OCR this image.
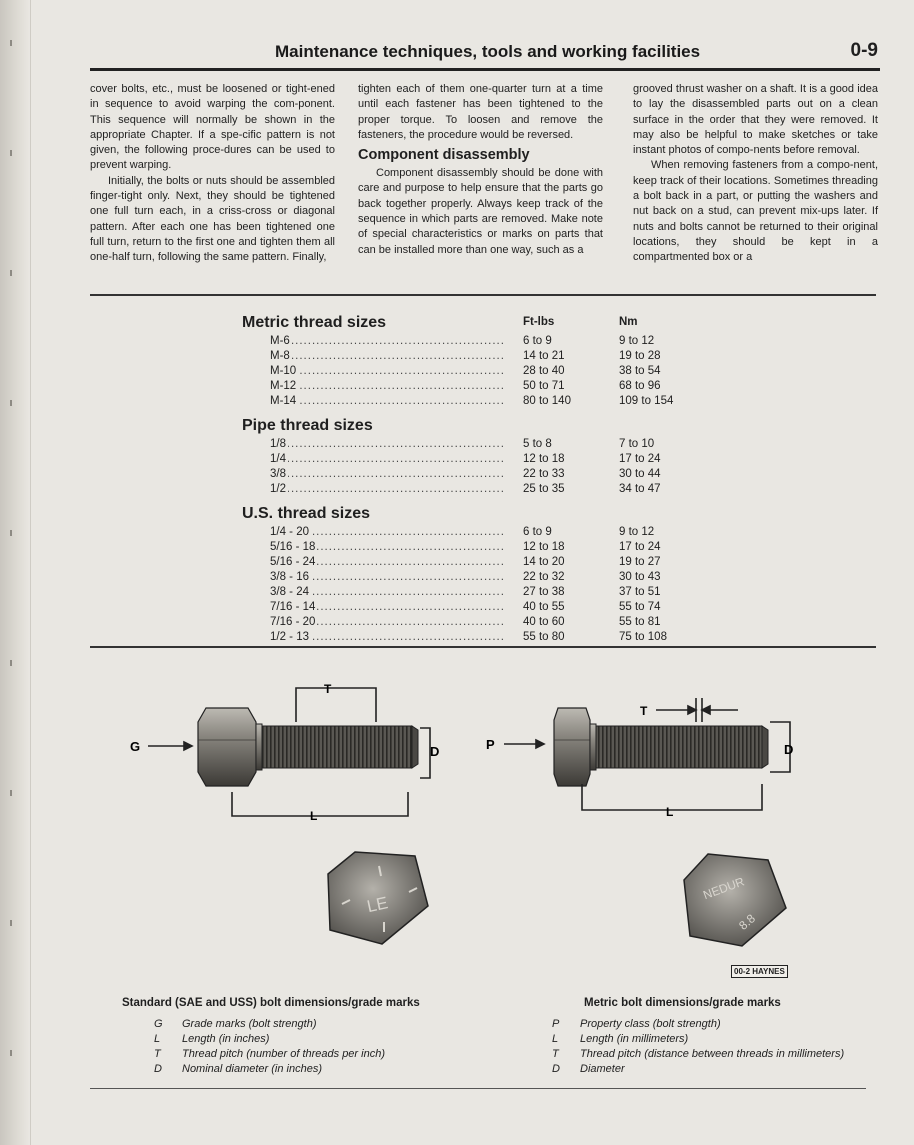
Maintenance techniques, tools and working facilities	0-9

cover bolts, etc., must be loosened or tight-ened in sequence to avoid warping the com-ponent. This sequence will normally be shown in the appropriate Chapter. If a spe-cific pattern is not given, the following proce-dures can be used to prevent warping.

Initially, the bolts or nuts should be assembled finger-tight only. Next, they should be tightened one full turn each, in a criss-cross or diagonal pattern. After each one has been tightened one full turn, return to the first one and tighten them all one-half turn, following the same pattern. Finally,

tighten each of them one-quarter turn at a time until each fastener has been tightened to the proper torque. To loosen and remove the fasteners, the procedure would be reversed.

Component disassembly

Component disassembly should be done with care and purpose to help ensure that the parts go back together properly. Always keep track of the sequence in which parts are removed. Make note of special characteristics or marks on parts that can be installed more than one way, such as a

grooved thrust washer on a shaft. It is a good idea to lay the disassembled parts out on a clean surface in the order that they were removed. It may also be helpful to make sketches or take instant photos of compo-nents before removal.

When removing fasteners from a compo-nent, keep track of their locations. Sometimes threading a bolt back in a part, or putting the washers and nut back on a stud, can prevent mix-ups later. If nuts and bolts cannot be returned to their original locations, they should be kept in a compartmented box or a

Ft-lbs	Nm
Metric thread sizes
M-6 .....	6 to 9	9 to 12
M-8 .....	14 to 21	19 to 28
M-10 .....	28 to 40	38 to 54
M-12 .....	50 to 71	68 to 96
M-14 .....	80 to 140	109 to 154
Pipe thread sizes
1/8 .....	5 to 8	7 to 10
1/4 .....	12 to 18	17 to 24
3/8 .....	22 to 33	30 to 44
1/2 .....	25 to 35	34 to 47
U.S. thread sizes
1/4 - 20 .....	6 to 9	9 to 12
5/16 - 18 .....	12 to 18	17 to 24
5/16 - 24 .....	14 to 20	19 to 27
3/8 - 16 .....	22 to 32	30 to 43
3/8 - 24 .....	27 to 38	37 to 51
7/16 - 14 .....	40 to 55	55 to 74
7/16 - 20 .....	40 to 60	55 to 81
1/2 - 13 .....	55 to 80	75 to 108
T
D
L
G
T
D
L
P
LE
NEDUR
8.8
00-2 HAYNES
Standard (SAE and USS) bolt dimensions/grade marks
G	Grade marks (bolt strength)
L	Length (in inches)
T	Thread pitch (number of threads per inch)
D	Nominal diameter (in inches)
Metric bolt dimensions/grade marks
P	Property class (bolt strength)
L	Length (in millimeters)
T	Thread pitch (distance between threads in millimeters)
D	Diameter
